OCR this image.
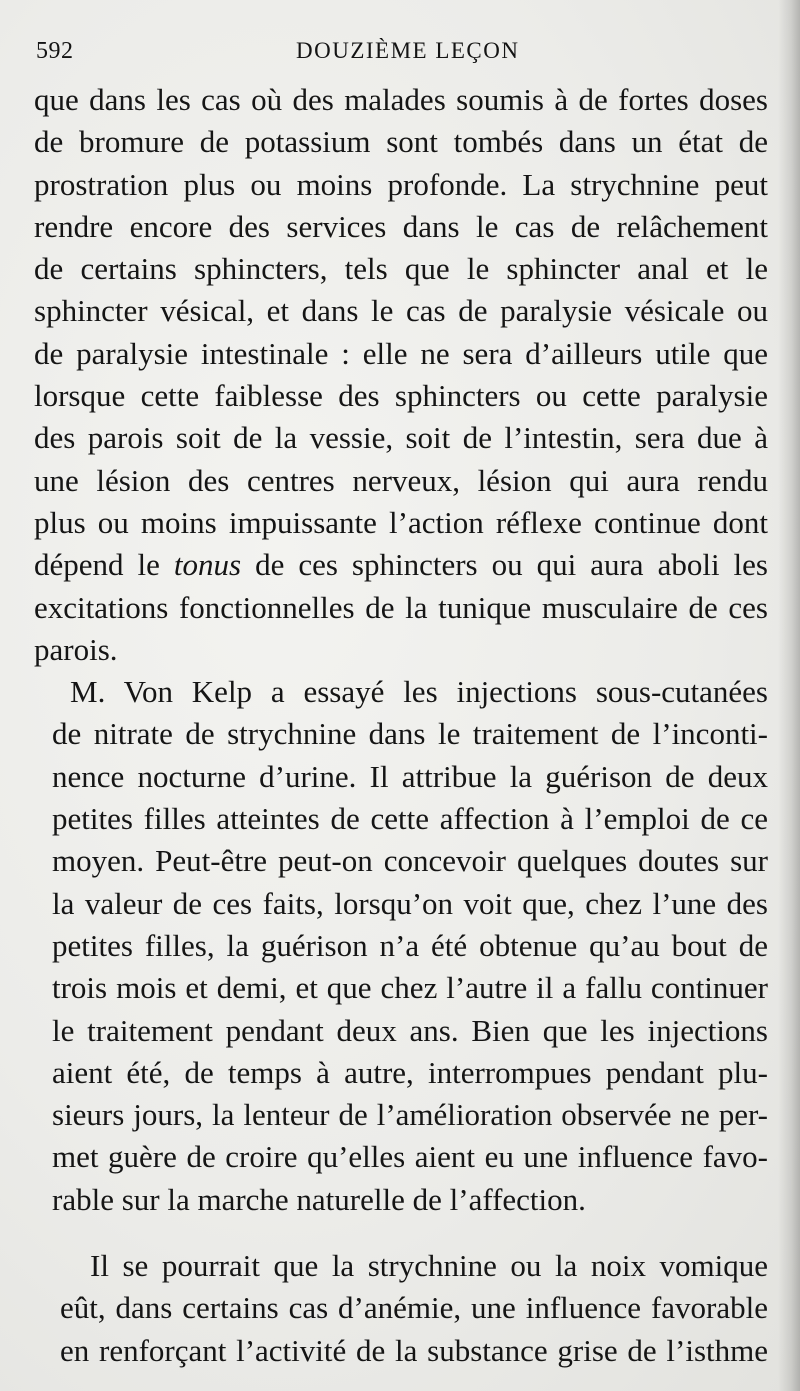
592	DOUZIÈME LEÇON
que dans les cas où des malades soumis à de fortes doses
de bromure de potassium sont tombés dans un état de
prostration plus ou moins profonde. La strychnine peut
rendre encore des services dans le cas de relâchement
de certains sphincters, tels que le sphincter anal et le
sphincter vésical, et dans le cas de paralysie vésicale ou
de paralysie intestinale : elle ne sera d’ailleurs utile que
lorsque cette faiblesse des sphincters ou cette paralysie
des parois soit de la vessie, soit de l’intestin, sera due à
une lésion des centres nerveux, lésion qui aura rendu
plus ou moins impuissante l’action réflexe continue dont
dépend le tonus de ces sphincters ou qui aura aboli les
excitations fonctionnelles de la tunique musculaire de ces
parois.
M. Von Kelp a essayé les injections sous-cutanées
de nitrate de strychnine dans le traitement de l’inconti-
nence nocturne d’urine. Il attribue la guérison de deux
petites filles atteintes de cette affection à l’emploi de ce
moyen. Peut-être peut-on concevoir quelques doutes sur
la valeur de ces faits, lorsqu’on voit que, chez l’une des
petites filles, la guérison n’a été obtenue qu’au bout de
trois mois et demi, et que chez l’autre il a fallu continuer
le traitement pendant deux ans. Bien que les injections
aient été, de temps à autre, interrompues pendant plu-
sieurs jours, la lenteur de l’amélioration observée ne per-
met guère de croire qu’elles aient eu une influence favo-
rable sur la marche naturelle de l’affection.
Il se pourrait que la strychnine ou la noix vomique
eût, dans certains cas d’anémie, une influence favorable
en renforçant l’activité de la substance grise de l’isthme
